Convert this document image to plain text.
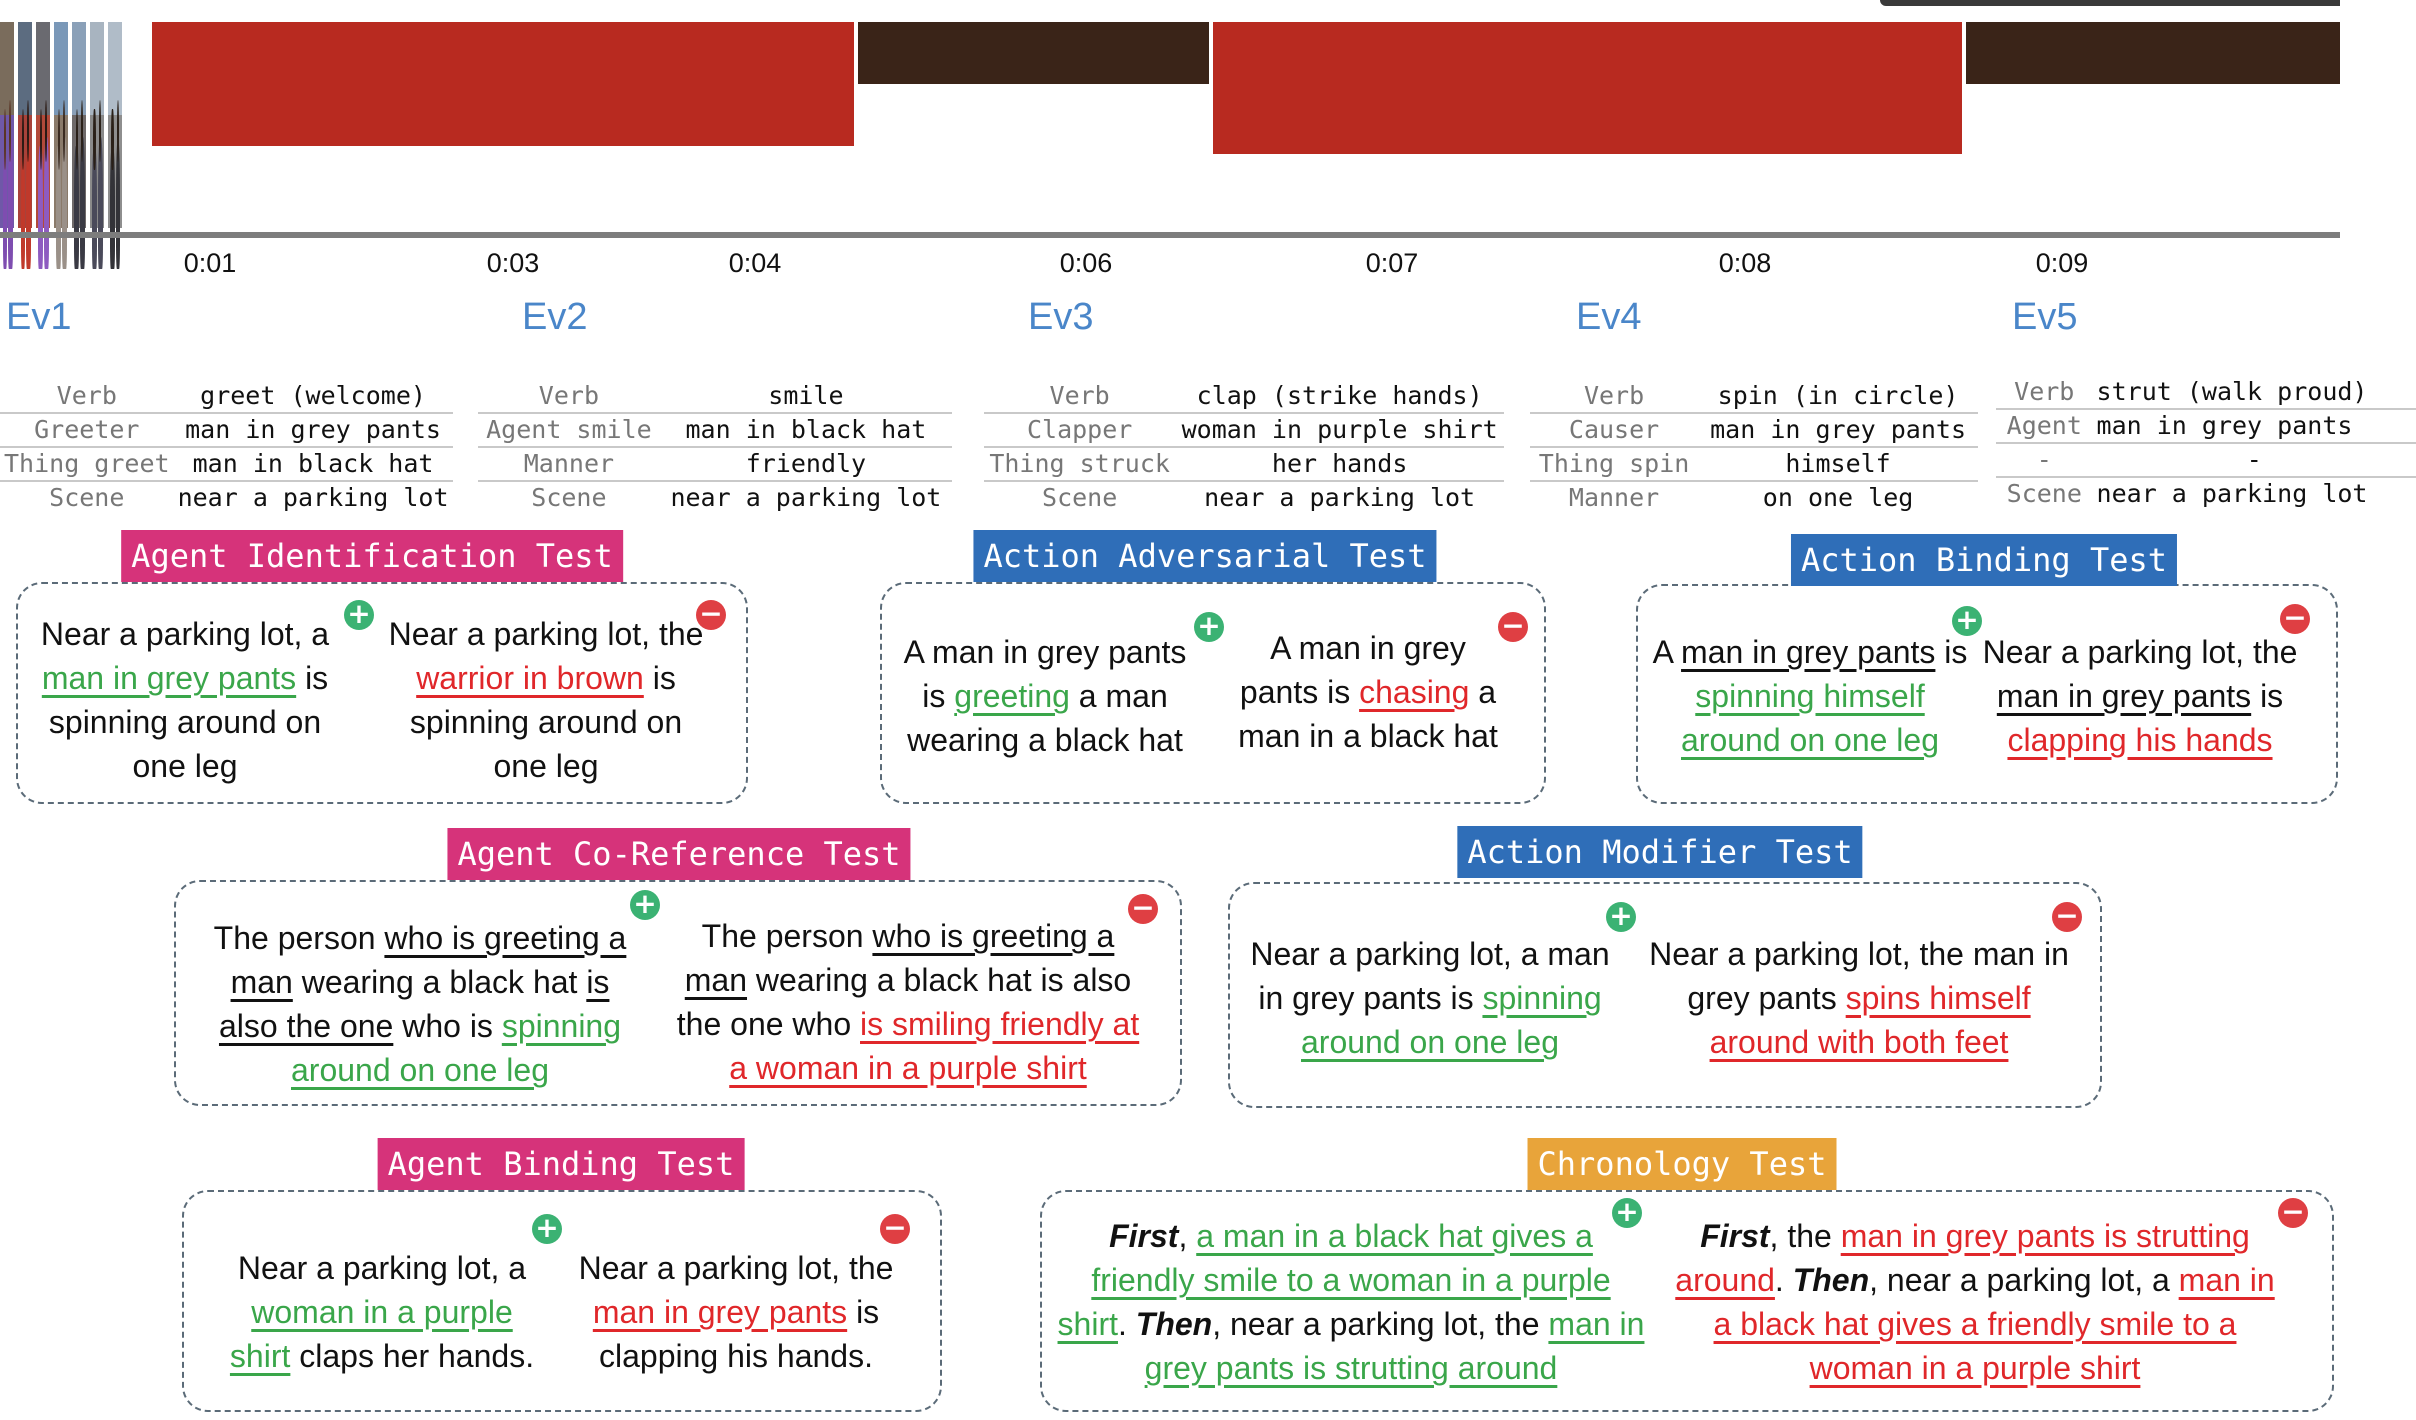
0:01	0:03	0:04	0:06	0:07	0:08	0:09
Ev1	Ev2	Ev3	Ev4	Ev5
Verb	greet (welcome)
Greeter	man in grey pants
Thing greet	man in black hat
Scene	near a parking lot
Verb	smile
Agent smile	man in black hat
Manner	friendly
Scene	near a parking lot
Verb	clap (strike hands)
Clapper	woman in purple shirt
Thing struck	her hands
Scene	near a parking lot
Verb	spin (in circle)
Causer	man in grey pants
Thing spin	himself
Manner	on one leg
Verb	strut (walk proud)
Agent	man in grey pants
-	-
Scene	near a parking lot
Agent Identification Test
+	−
Near a parking lot, a man in grey pants is spinning around on one leg
Near a parking lot, the warrior in brown is spinning around on one leg
Action Adversarial Test
+	−
A man in grey pants is greeting a man wearing a black hat
A man in grey pants is chasing a man in a black hat
Action Binding Test
+	−
A man in grey pants is spinning himself around on one leg
Near a parking lot, the man in grey pants is clapping his hands
Agent Co-Reference Test
+	−
The person who is greeting a man wearing a black hat is also the one who is spinning around on one leg
The person who is greeting a man wearing a black hat is also the one who is smiling friendly at a woman in a purple shirt
Action Modifier Test
+	−
Near a parking lot, a man in grey pants is spinning around on one leg
Near a parking lot, the man in grey pants spins himself around with both feet
Agent Binding Test
+	−
Near a parking lot, a woman in a purple shirt claps her hands.
Near a parking lot, the man in grey pants is clapping his hands.
Chronology Test
+	−
First, a man in a black hat gives a friendly smile to a woman in a purple shirt. Then, near a parking lot, the man in grey pants is strutting around
First, the man in grey pants is strutting around. Then, near a parking lot, a man in a black hat gives a friendly smile to a woman in a purple shirt
